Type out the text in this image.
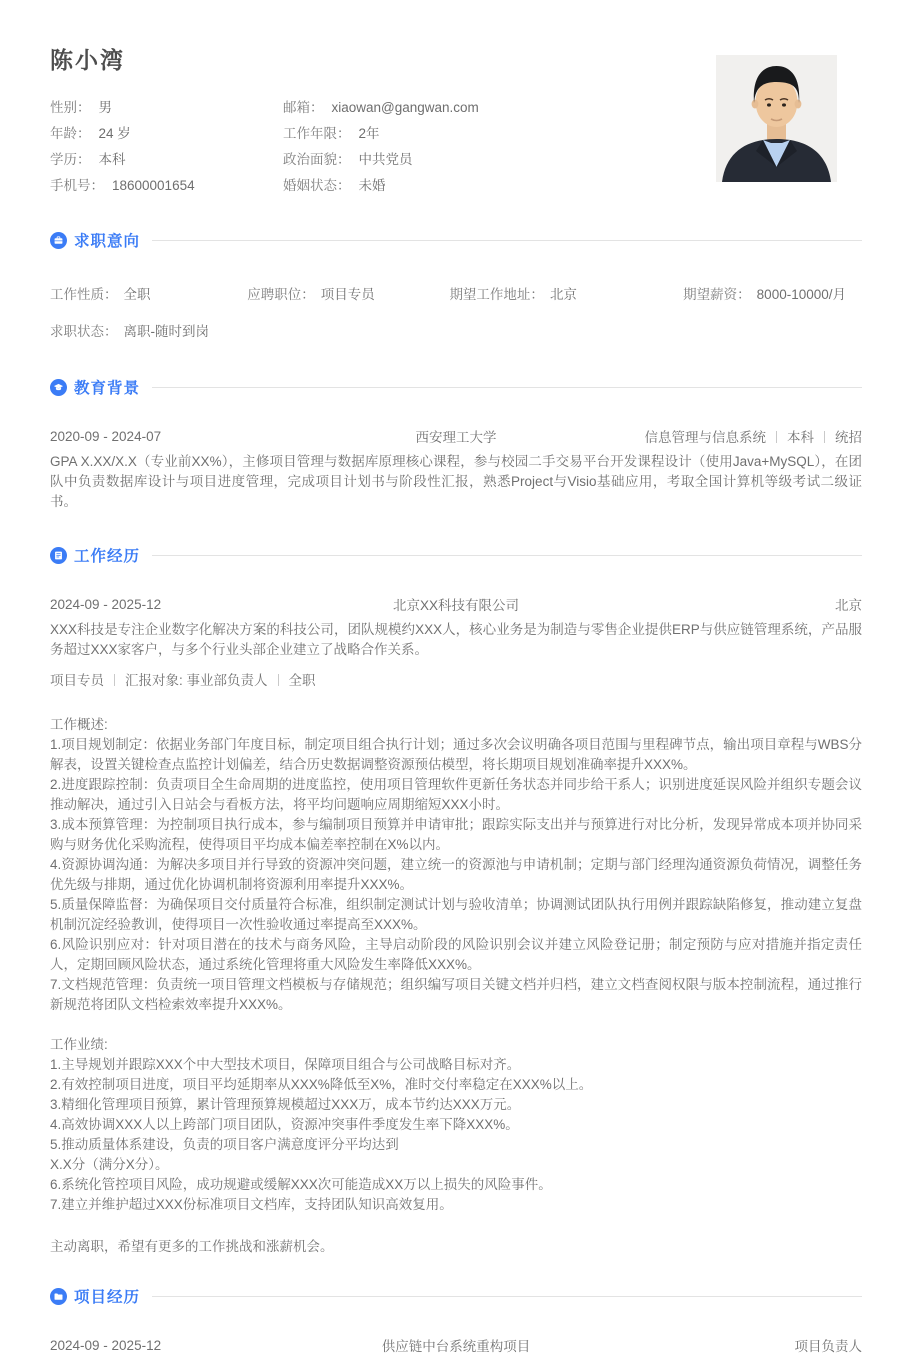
陈小湾
性别： 男
年龄： 24 岁
学历： 本科
手机号： 18600001654
邮箱： xiaowan@gangwan.com
工作年限： 2年
政治面貌： 中共党员
婚姻状态： 未婚
求职意向
工作性质： 全职	应聘职位： 项目专员	期望工作地址： 北京	期望薪资： 8000-10000/月
求职状态： 离职-随时到岗
教育背景
2020-09 - 2024-07	西安理工大学	信息管理与信息系统 本科 统招
GPA X.XX/X.X（专业前XX%），主修项目管理与数据库原理核心课程，参与校园二手交易平台开发课程设计（使用Java+MySQL），在团队中负责数据库设计与项目进度管理，完成项目计划书与阶段性汇报，熟悉Project与Visio基础应用，考取全国计算机等级考试二级证书。
工作经历
2024-09 - 2025-12	北京XX科技有限公司	北京
XXX科技是专注企业数字化解决方案的科技公司，团队规模约XXX人，核心业务是为制造与零售企业提供ERP与供应链管理系统，产品服务超过XXX家客户，与多个行业头部企业建立了战略合作关系。
项目专员 汇报对象: 事业部负责人 全职
工作概述:
1.项目规划制定：依据业务部门年度目标，制定项目组合执行计划；通过多次会议明确各项目范围与里程碑节点，输出项目章程与WBS分解表，设置关键检查点监控计划偏差，结合历史数据调整资源预估模型，将长期项目规划准确率提升XXX%。
2.进度跟踪控制：负责项目全生命周期的进度监控，使用项目管理软件更新任务状态并同步给干系人；识别进度延误风险并组织专题会议推动解决，通过引入日站会与看板方法，将平均问题响应周期缩短XXX小时。
3.成本预算管理：为控制项目执行成本，参与编制项目预算并申请审批；跟踪实际支出并与预算进行对比分析，发现异常成本项并协同采购与财务优化采购流程，使得项目平均成本偏差率控制在X%以内。
4.资源协调沟通：为解决多项目并行导致的资源冲突问题，建立统一的资源池与申请机制；定期与部门经理沟通资源负荷情况，调整任务优先级与排期，通过优化协调机制将资源利用率提升XXX%。
5.质量保障监督：为确保项目交付质量符合标准，组织制定测试计划与验收清单；协调测试团队执行用例并跟踪缺陷修复，推动建立复盘机制沉淀经验教训，使得项目一次性验收通过率提高至XXX%。
6.风险识别应对：针对项目潜在的技术与商务风险，主导启动阶段的风险识别会议并建立风险登记册；制定预防与应对措施并指定责任人，定期回顾风险状态，通过系统化管理将重大风险发生率降低XXX%。
7.文档规范管理：负责统一项目管理文档模板与存储规范；组织编写项目关键文档并归档，建立文档查阅权限与版本控制流程，通过推行新规范将团队文档检索效率提升XXX%。
工作业绩:
1.主导规划并跟踪XXX个中大型技术项目，保障项目组合与公司战略目标对齐。
2.有效控制项目进度，项目平均延期率从XXX%降低至X%，准时交付率稳定在XXX%以上。
3.精细化管理项目预算，累计管理预算规模超过XXX万，成本节约达XXX万元。
4.高效协调XXX人以上跨部门项目团队，资源冲突事件季度发生率下降XXX%。
5.推动质量体系建设，负责的项目客户满意度评分平均达到
X.X分（满分X分）。
6.系统化管控项目风险，成功规避或缓解XXX次可能造成XX万以上损失的风险事件。
7.建立并维护超过XXX份标准项目文档库，支持团队知识高效复用。
主动离职，希望有更多的工作挑战和涨薪机会。
项目经历
2024-09 - 2025-12	供应链中台系统重构项目	项目负责人
